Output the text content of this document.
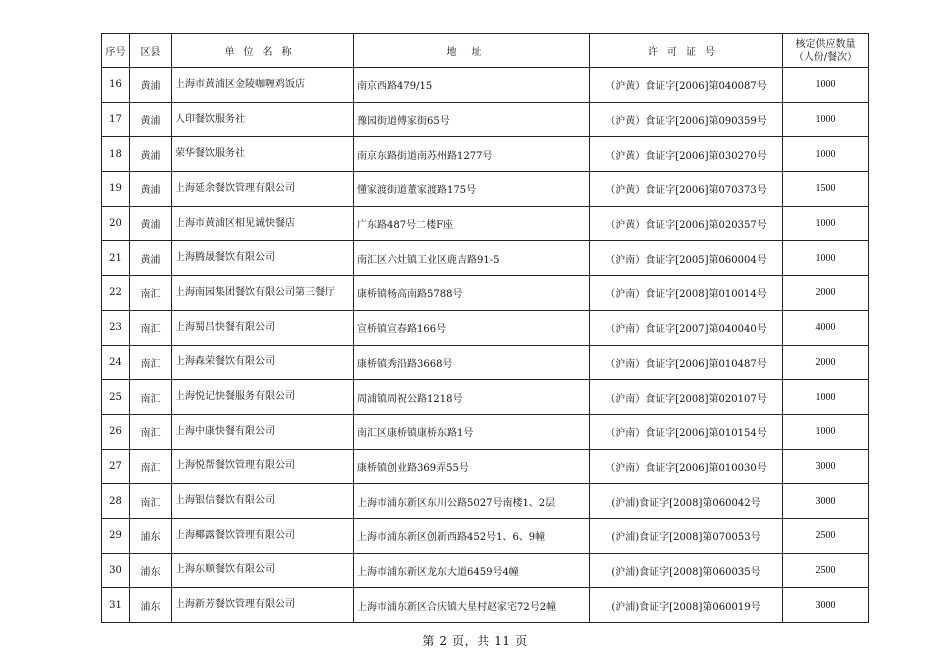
序号	区县	单位名称	地址	许可证号	核定供应数量（人份/餐次）
16	黄浦	上海市黄浦区金陵咖喱鸡饭店	南京西路479/15	（沪黄）食证字[2006]第040087号	1000
17	黄浦	人印餐饮服务社	豫园街道傅家街65号	（沪黄）食证字[2006]第090359号	1000
18	黄浦	荣华餐饮服务社	南京东路街道南苏州路1277号	（沪黄）食证字[2006]第030270号	1000
19	黄浦	上海延余餐饮管理有限公司	懂家渡街道董家渡路175号	（沪黄）食证字[2006]第070373号	1500
20	黄浦	上海市黄浦区相见诚快餐店	广东路487号二楼F座	（沪黄）食证字[2006]第020357号	1000
21	黄浦	上海腾晟餐饮有限公司	南汇区六灶镇工业区鹿吉路91-5	（沪南）食证字[2005]第060004号	1000
22	南汇	上海南园集团餐饮有限公司第三餐厅	康桥镇杨高南路5788号	（沪南）食证字[2008]第010014号	2000
23	南汇	上海蜀吕快餐有限公司	宣桥镇宣春路166号	（沪南）食证字[2007]第040040号	4000
24	南汇	上海森荣餐饮有限公司	康桥镇秀沿路3668号	（沪南）食证字[2006]第010487号	2000
25	南汇	上海悦记快餐服务有限公司	周浦镇周祝公路1218号	（沪南）食证字[2008]第020107号	1000
26	南汇	上海中康快餐有限公司	南汇区康桥镇康桥东路1号	（沪南）食证字[2006]第010154号	1000
27	南汇	上海悦帮餐饮管理有限公司	康桥镇创业路369弄55号	（沪南）食证字[2006]第010030号	3000
28	南汇	上海银信餐饮有限公司	上海市浦东新区东川公路5027号南楼1、2层	(沪浦)食证字[2008]第060042号	3000
29	浦东	上海椰露餐饮管理有限公司	上海市浦东新区创新西路452号1、6、9幢	(沪浦)食证字[2008]第070053号	2500
30	浦东	上海东顺餐饮有限公司	上海市浦东新区龙东大道6459号4幢	(沪浦)食证字[2008]第060035号	2500
31	浦东	上海新芳餐饮管理有限公司	上海市浦东新区合庆镇大星村赵家宅72号2幢	(沪浦)食证字[2008]第060019号	3000
第 2 页，共 11 页
